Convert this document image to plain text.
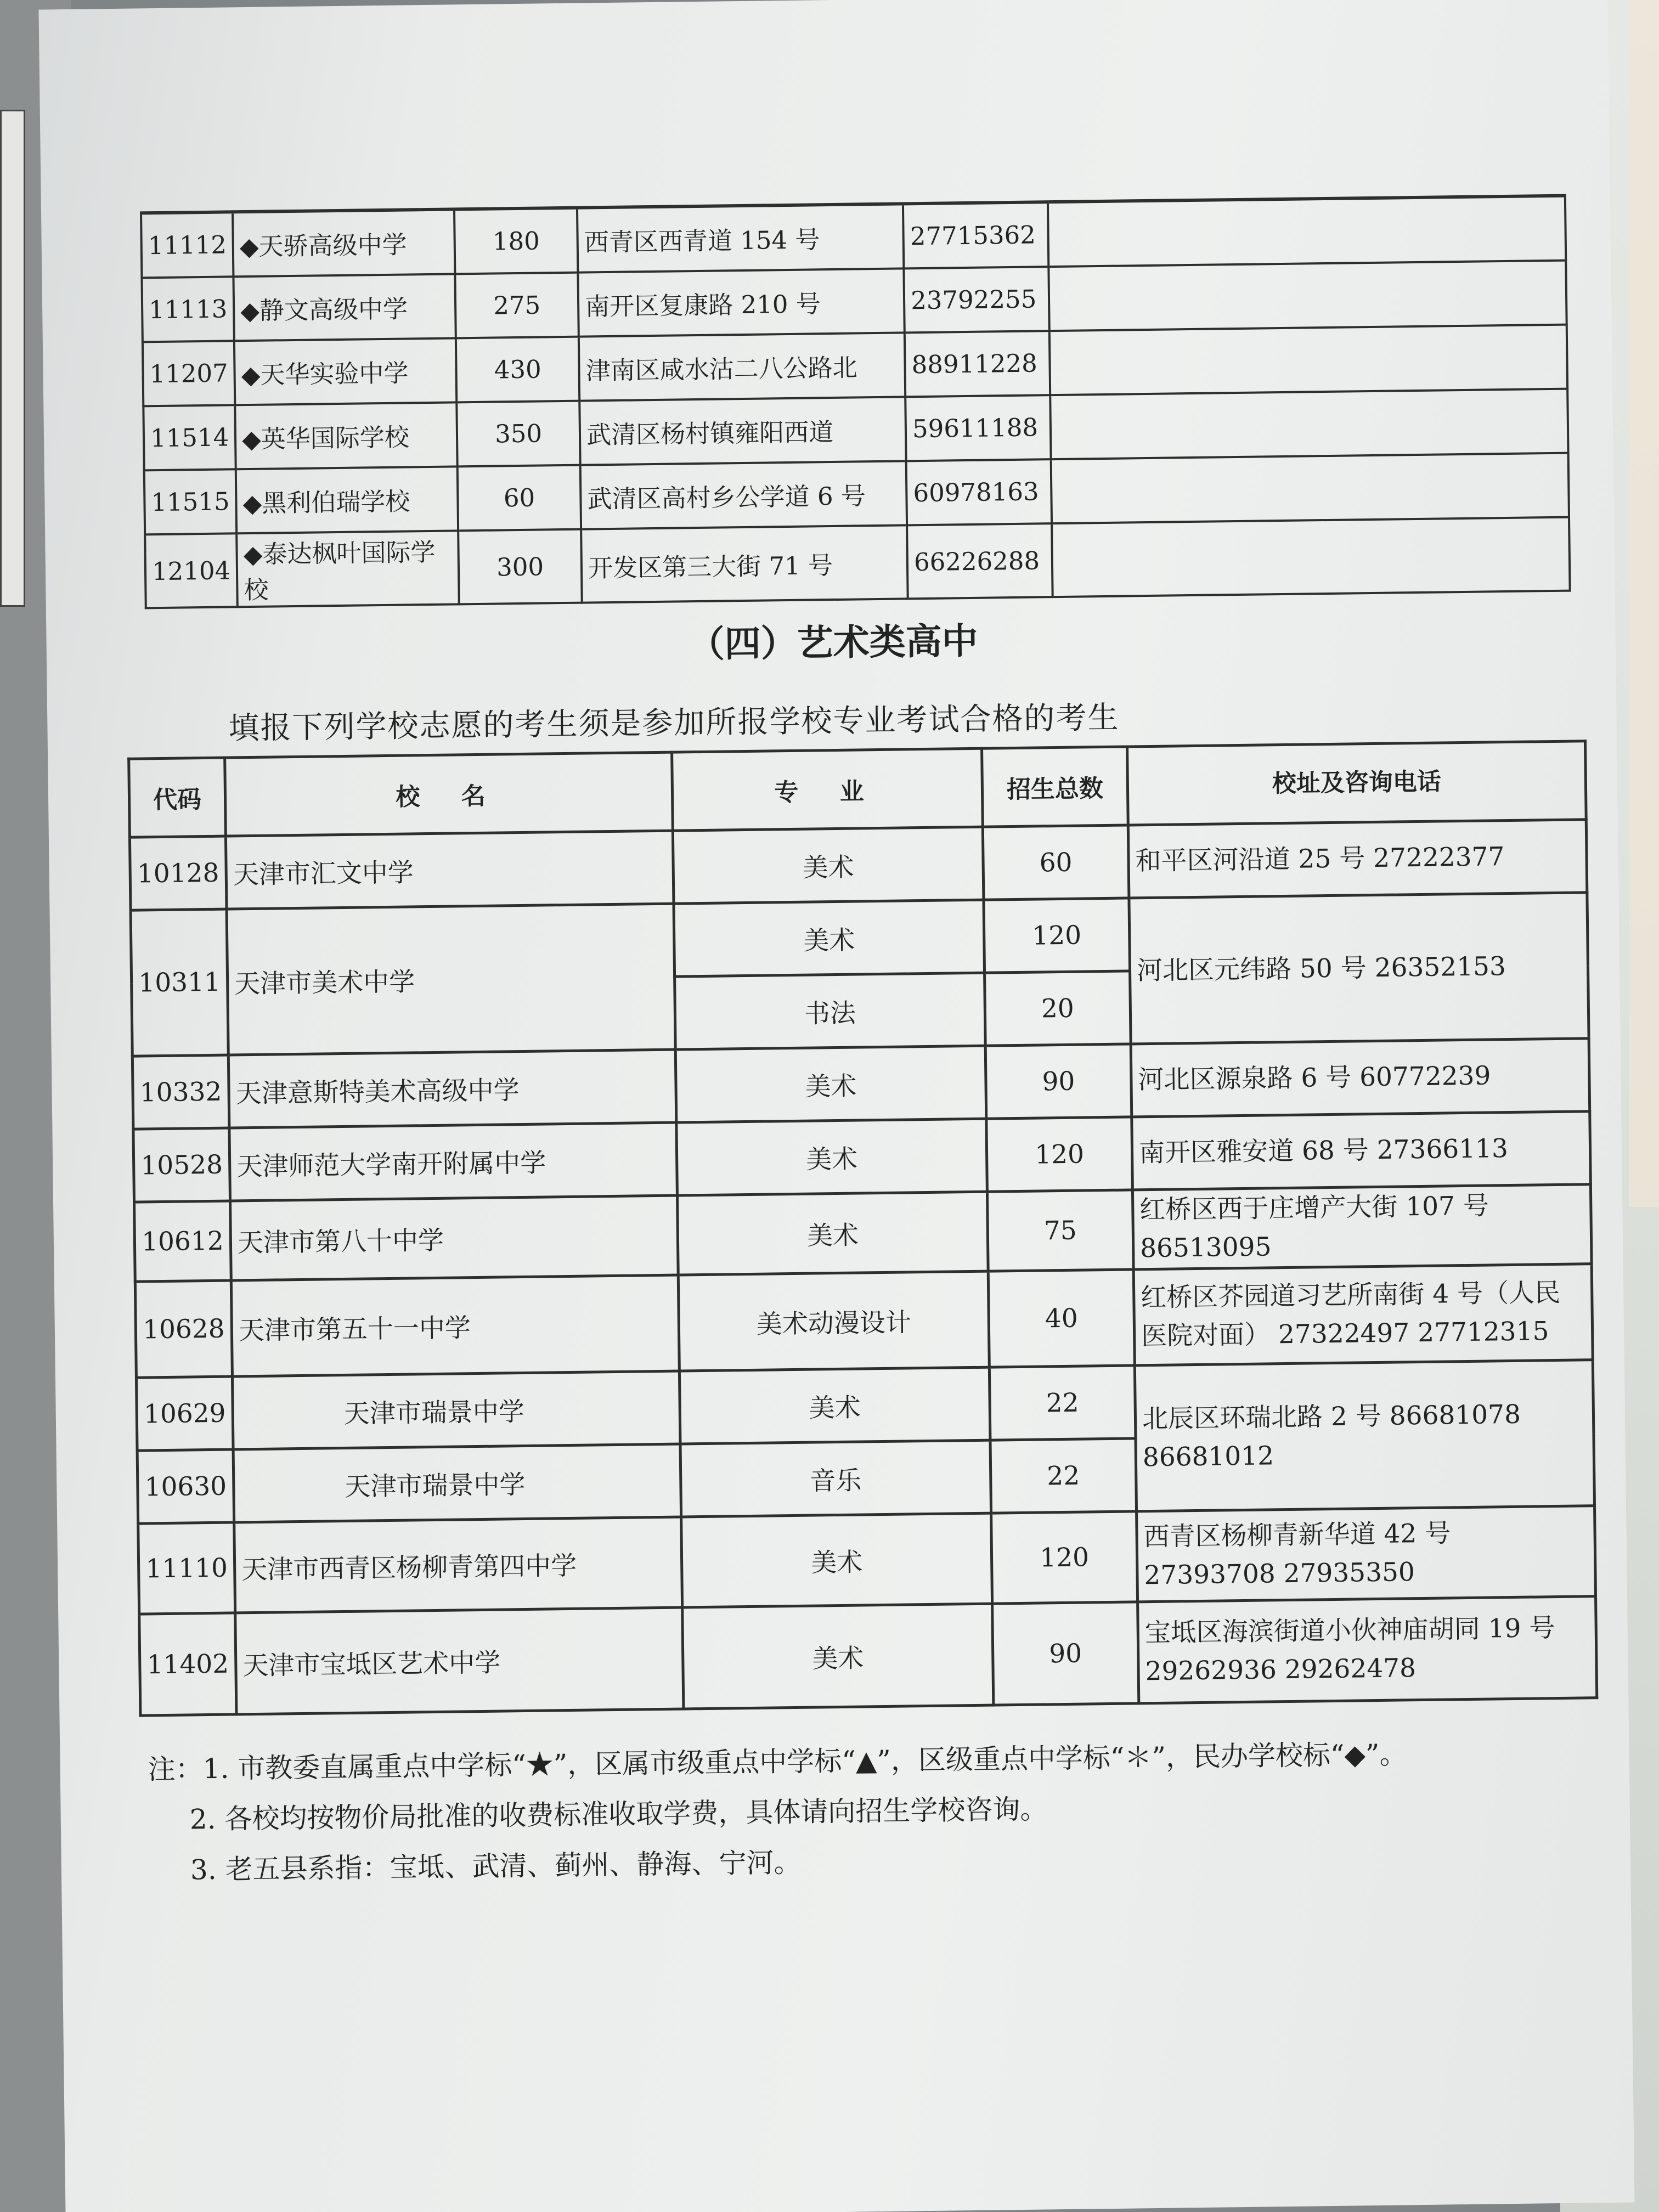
11112	◆天骄高级中学	180	西青区西青道 154 号	27715362	
11113	◆静文高级中学	275	南开区复康路 210 号	23792255	
11207	◆天华实验中学	430	津南区咸水沽二八公路北	88911228	
11514	◆英华国际学校	350	武清区杨村镇雍阳西道	59611188	
11515	◆黑利伯瑞学校	60	武清区高村乡公学道 6 号	60978163	
12104	◆泰达枫叶国际学校	300	开发区第三大街 71 号	66226288	
（四）艺术类高中
填报下列学校志愿的考生须是参加所报学校专业考试合格的考生
代码	校 名	专 业	招生总数	校址及咨询电话
10128	天津市汇文中学	美术	60	和平区河沿道 25 号 27222377
10311	天津市美术中学	美术	120	河北区元纬路 50 号 26352153
		书法	20	
10332	天津意斯特美术高级中学	美术	90	河北区源泉路 6 号 60772239
10528	天津师范大学南开附属中学	美术	120	南开区雅安道 68 号 27366113
10612	天津市第八十中学	美术	75	红桥区西于庄增产大街 107 号 86513095
10628	天津市第五十一中学	美术动漫设计	40	红桥区芥园道习艺所南街 4 号（人民医院对面） 27322497 27712315
10629	天津市瑞景中学	美术	22	北辰区环瑞北路 2 号 86681078 86681012
10630	天津市瑞景中学	音乐	22	
11110	天津市西青区杨柳青第四中学	美术	120	西青区杨柳青新华道 42 号 27393708 27935350
11402	天津市宝坻区艺术中学	美术	90	宝坻区海滨街道小伙神庙胡同 19 号 29262936 29262478
注：1. 市教委直属重点中学标“★”，区属市级重点中学标“▲”，区级重点中学标“＊”，民办学校标“◆”。
2. 各校均按物价局批准的收费标准收取学费，具体请向招生学校咨询。
3. 老五县系指：宝坻、武清、蓟州、静海、宁河。
